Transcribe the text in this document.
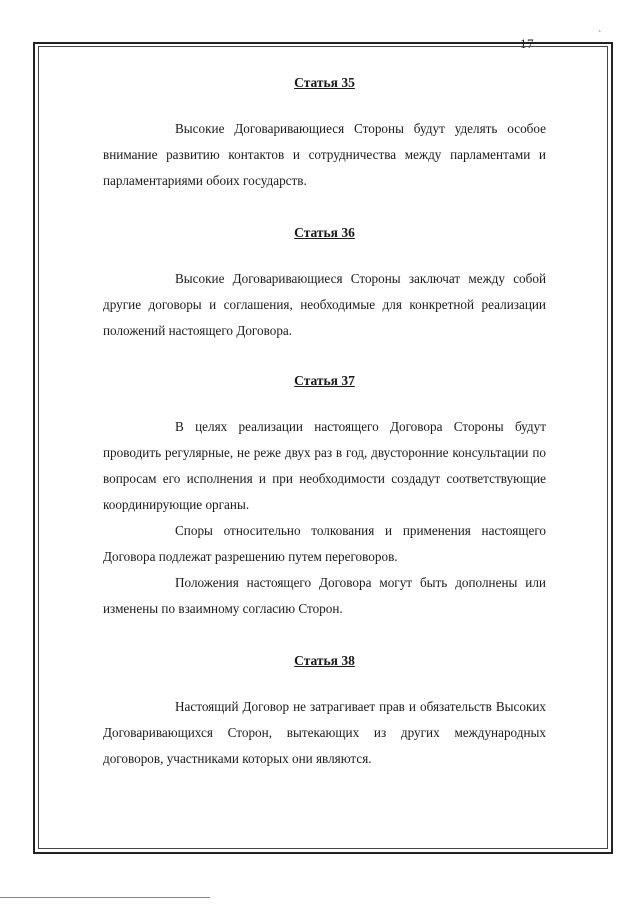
17
ˋ
Статья 35

Высокие Договаривающиеся Стороны будут уделять особое внимание развитию контактов и сотрудничества между парламентами и парламентариями обоих государств.

Статья 36

Высокие Договаривающиеся Стороны заключат между собой другие договоры и соглашения, необходимые для конкретной реализации положений настоящего Договора.

Статья 37

В целях реализации настоящего Договора Стороны будут проводить регулярные, не реже двух раз в год, двусторонние консультации по вопросам его исполнения и при необходимости создадут соответствующие координирующие органы.

Споры относительно толкования и применения настоящего Договора подлежат разрешению путем переговоров.

Положения настоящего Договора могут быть дополнены или изменены по взаимному согласию Сторон.

Статья 38

Настоящий Договор не затрагивает прав и обязательств Высоких Договаривающихся Сторон, вытекающих из других международных договоров, участниками которых они являются.
